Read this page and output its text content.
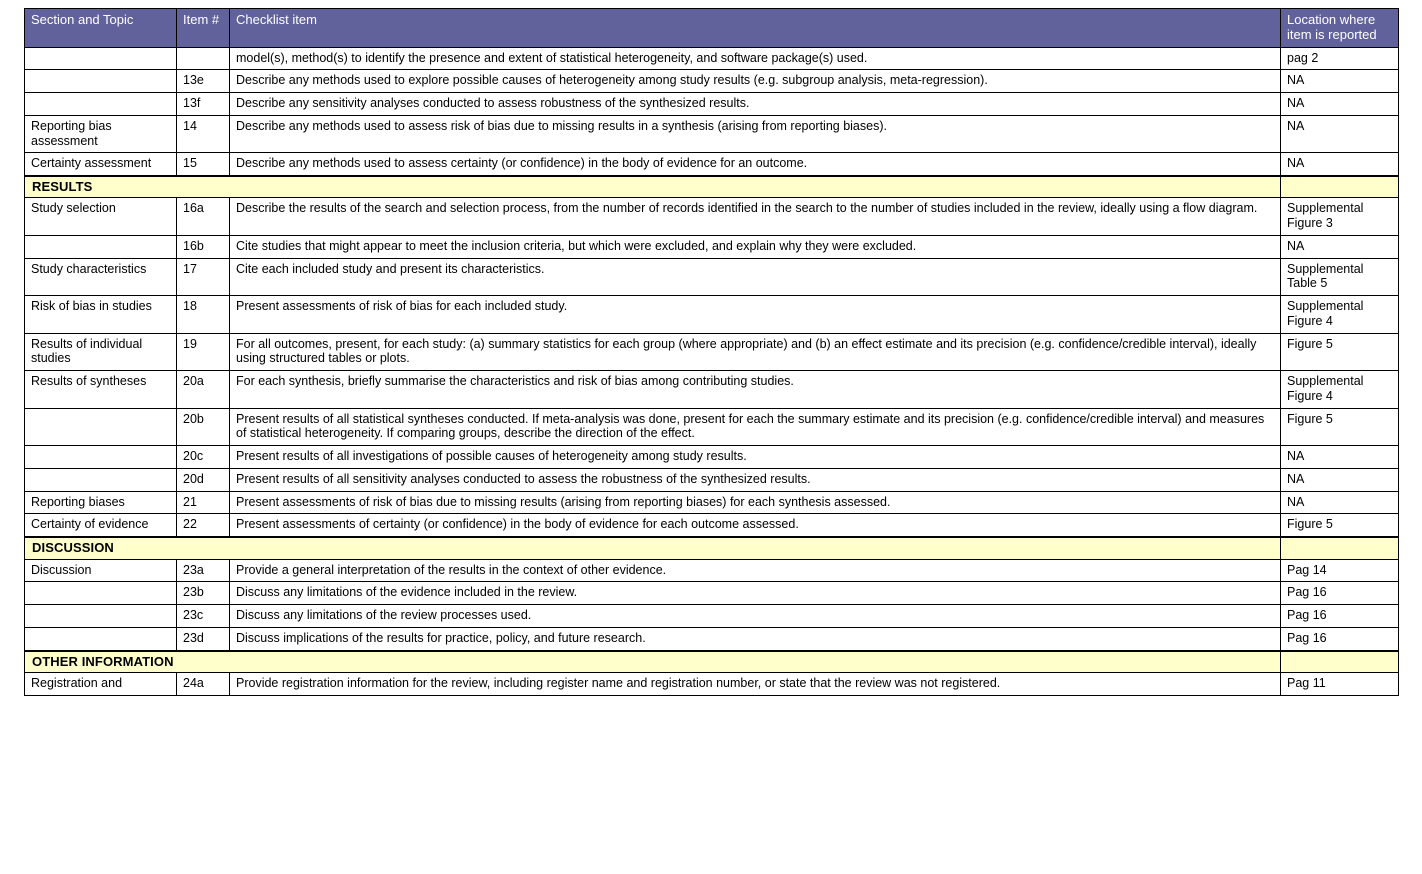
Section and Topic	Item #	Checklist item	Location where item is reported
		model(s), method(s) to identify the presence and extent of statistical heterogeneity, and software package(s) used.	pag 2
	13e	Describe any methods used to explore possible causes of heterogeneity among study results (e.g. subgroup analysis, meta-regression).	NA
	13f	Describe any sensitivity analyses conducted to assess robustness of the synthesized results.	NA
Reporting bias assessment	14	Describe any methods used to assess risk of bias due to missing results in a synthesis (arising from reporting biases).	NA
Certainty assessment	15	Describe any methods used to assess certainty (or confidence) in the body of evidence for an outcome.	NA
RESULTS			
Study selection	16a	Describe the results of the search and selection process, from the number of records identified in the search to the number of studies included in the review, ideally using a flow diagram.	Supplemental Figure 3
	16b	Cite studies that might appear to meet the inclusion criteria, but which were excluded, and explain why they were excluded.	NA
Study characteristics	17	Cite each included study and present its characteristics.	Supplemental Table 5
Risk of bias in studies	18	Present assessments of risk of bias for each included study.	Supplemental Figure 4
Results of individual studies	19	For all outcomes, present, for each study: (a) summary statistics for each group (where appropriate) and (b) an effect estimate and its precision (e.g. confidence/credible interval), ideally using structured tables or plots.	Figure 5
Results of syntheses	20a	For each synthesis, briefly summarise the characteristics and risk of bias among contributing studies.	Supplemental Figure 4
	20b	Present results of all statistical syntheses conducted. If meta-analysis was done, present for each the summary estimate and its precision (e.g. confidence/credible interval) and measures of statistical heterogeneity. If comparing groups, describe the direction of the effect.	Figure 5
	20c	Present results of all investigations of possible causes of heterogeneity among study results.	NA
	20d	Present results of all sensitivity analyses conducted to assess the robustness of the synthesized results.	NA
Reporting biases	21	Present assessments of risk of bias due to missing results (arising from reporting biases) for each synthesis assessed.	NA
Certainty of evidence	22	Present assessments of certainty (or confidence) in the body of evidence for each outcome assessed.	Figure 5
DISCUSSION			
Discussion	23a	Provide a general interpretation of the results in the context of other evidence.	Pag 14
	23b	Discuss any limitations of the evidence included in the review.	Pag 16
	23c	Discuss any limitations of the review processes used.	Pag 16
	23d	Discuss implications of the results for practice, policy, and future research.	Pag 16
OTHER INFORMATION			
Registration and	24a	Provide registration information for the review, including register name and registration number, or state that the review was not registered.	Pag 11
